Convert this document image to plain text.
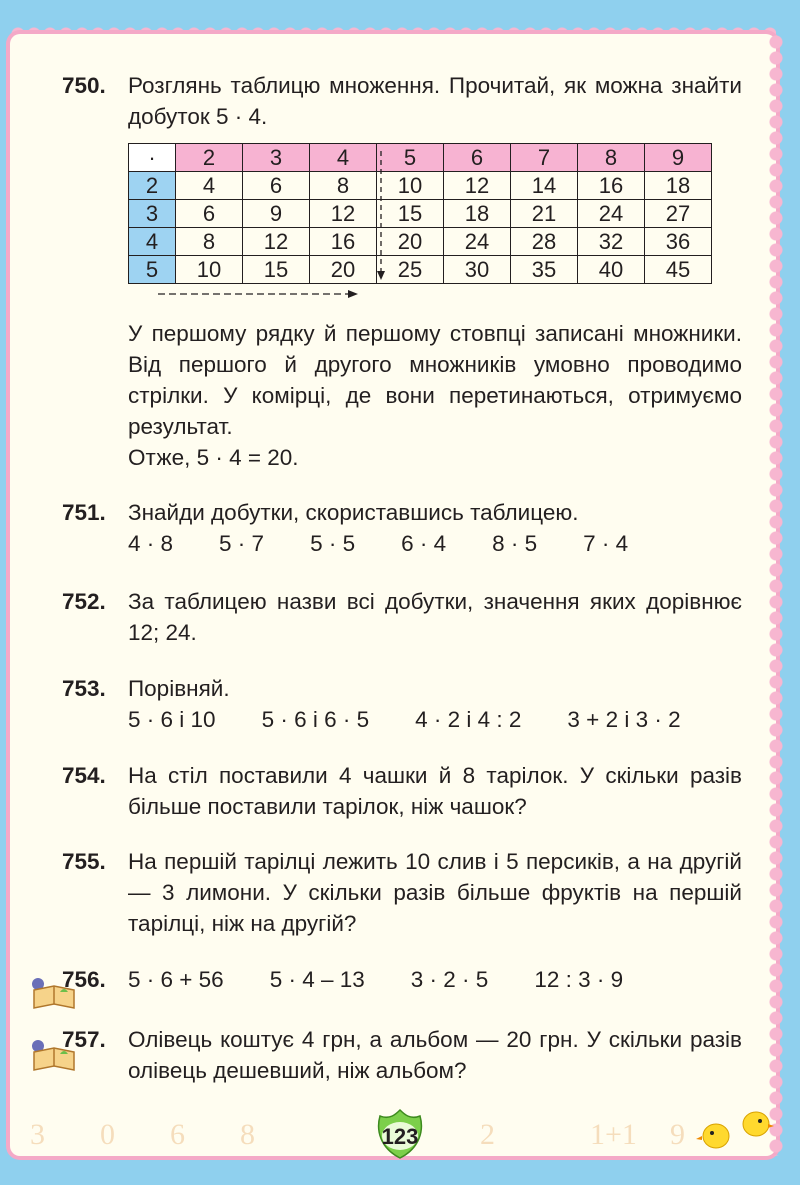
750. Розглянь таблицю множення. Прочитай, як можна знайти добуток 5 · 4.
·	2	3	4	5	6	7	8	9
2	4	6	8	10	12	14	16	18
3	6	9	12	15	18	21	24	27
4	8	12	16	20	24	28	32	36
5	10	15	20	25	30	35	40	45
У першому рядку й першому стовпці записані множники. Від першого й другого множників умовно проводимо стрілки. У комірці, де вони перетинаються, отримуємо результат.
Отже, 5 · 4 = 20.
751. Знайди добутки, скориставшись таблицею.
4 · 8 5 · 7 5 · 5 6 · 4 8 · 5 7 · 4
752. За таблицею назви всі добутки, значення яких дорівнює 12; 24.
753. Порівняй.
5 · 6 і 10 5 · 6 і 6 · 5 4 · 2 і 4 : 2 3 + 2 і 3 · 2
754. На стіл поставили 4 чашки й 8 тарілок. У скільки разів більше поставили тарілок, ніж чашок?
755. На першій тарілці лежить 10 слив і 5 персиків, а на другій — 3 лимони. У скільки разів більше фруктів на першій тарілці, ніж на другій?
756. 5 · 6 + 56 5 · 4 – 13 3 · 2 · 5 12 : 3 · 9
757. Олівець коштує 4 грн, а альбом — 20 грн. У скільки разів олівець дешевший, ніж альбом?
3 0 6 8	2	1+1 9
123
